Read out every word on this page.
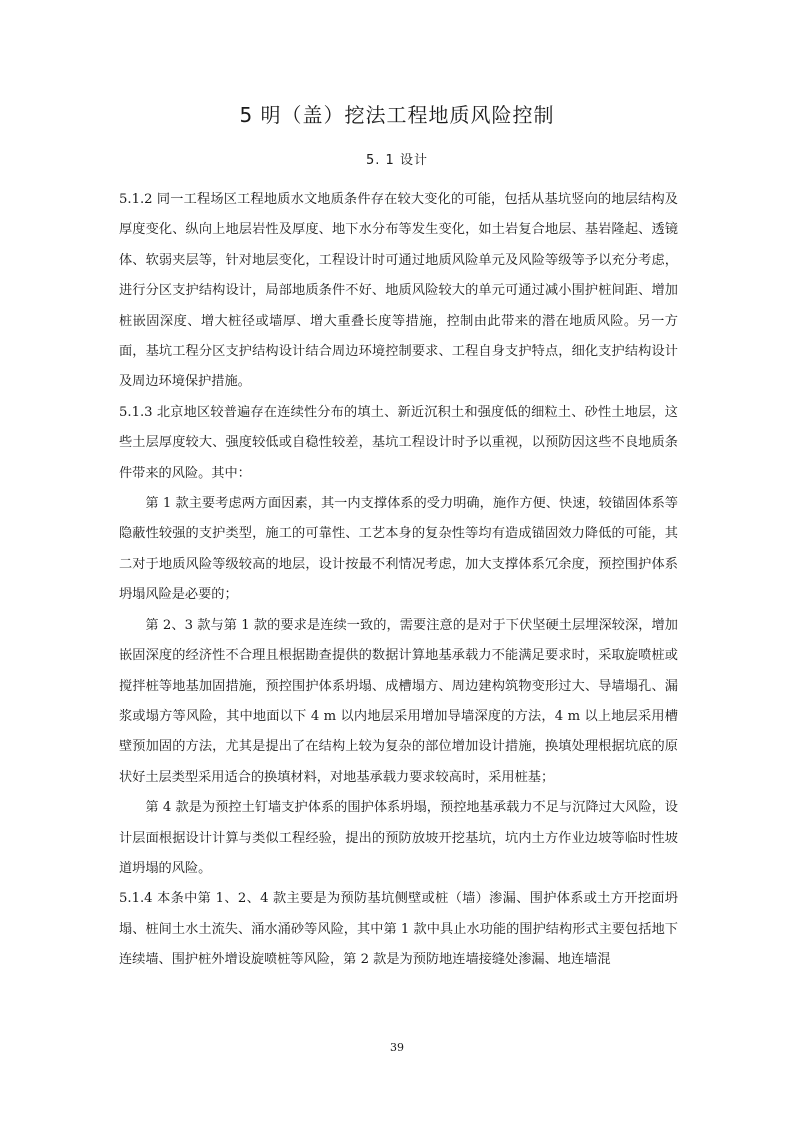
5 明（盖）挖法工程地质风险控制
5. 1 设计

5.1.2 同一工程场区工程地质水文地质条件存在较大变化的可能，包括从基坑竖向的地层结构及厚度变化、纵向上地层岩性及厚度、地下水分布等发生变化，如土岩复合地层、基岩隆起、透镜体、软弱夹层等，针对地层变化，工程设计时可通过地质风险单元及风险等级等予以充分考虑，进行分区支护结构设计，局部地质条件不好、地质风险较大的单元可通过减小围护桩间距、增加桩嵌固深度、增大桩径或墙厚、增大重叠长度等措施，控制由此带来的潜在地质风险。另一方面，基坑工程分区支护结构设计结合周边环境控制要求、工程自身支护特点，细化支护结构设计及周边环境保护措施。

5.1.3 北京地区较普遍存在连续性分布的填土、新近沉积土和强度低的细粒土、砂性土地层，这些土层厚度较大、强度较低或自稳性较差，基坑工程设计时予以重视，以预防因这些不良地质条件带来的风险。其中：

第 1 款主要考虑两方面因素，其一内支撑体系的受力明确，施作方便、快速，较锚固体系等隐蔽性较强的支护类型，施工的可靠性、工艺本身的复杂性等均有造成锚固效力降低的可能，其二对于地质风险等级较高的地层，设计按最不利情况考虑，加大支撑体系冗余度，预控围护体系坍塌风险是必要的；

第 2、3 款与第 1 款的要求是连续一致的，需要注意的是对于下伏坚硬土层埋深较深，增加嵌固深度的经济性不合理且根据勘查提供的数据计算地基承载力不能满足要求时，采取旋喷桩或搅拌桩等地基加固措施，预控围护体系坍塌、成槽塌方、周边建构筑物变形过大、导墙塌孔、漏浆或塌方等风险，其中地面以下 4 m 以内地层采用增加导墙深度的方法，4 m 以上地层采用槽壁预加固的方法，尤其是提出了在结构上较为复杂的部位增加设计措施，换填处理根据坑底的原状好土层类型采用适合的换填材料，对地基承载力要求较高时，采用桩基；

第 4 款是为预控土钉墙支护体系的围护体系坍塌，预控地基承载力不足与沉降过大风险，设计层面根据设计计算与类似工程经验，提出的预防放坡开挖基坑，坑内土方作业边坡等临时性坡道坍塌的风险。

5.1.4 本条中第 1、2、4 款主要是为预防基坑侧壁或桩（墙）渗漏、围护体系或土方开挖面坍塌、桩间土水土流失、涌水涌砂等风险，其中第 1 款中具止水功能的围护结构形式主要包括地下连续墙、围护桩外增设旋喷桩等风险，第 2 款是为预防地连墙接缝处渗漏、地连墙混

39
